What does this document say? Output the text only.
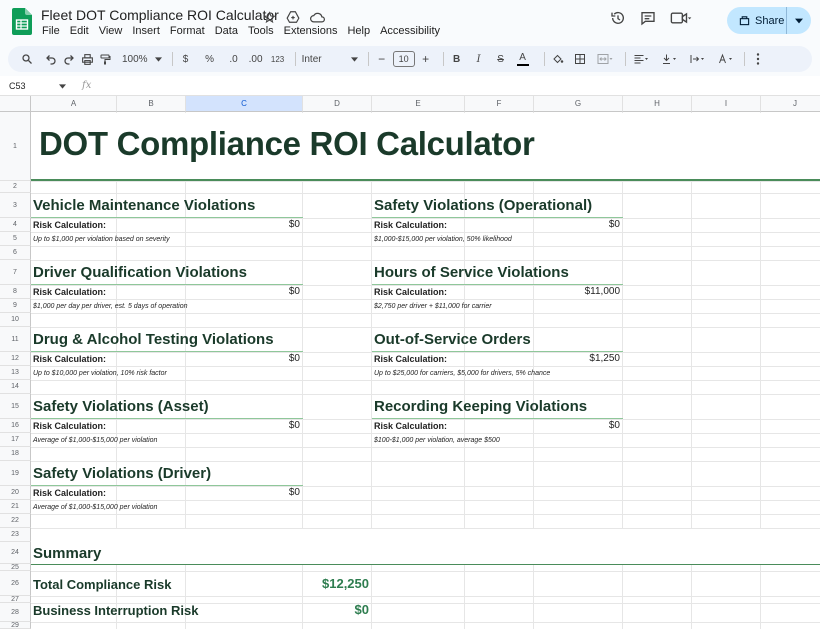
Fleet DOT Compliance ROI Calculator
File Edit View Insert Format Data Tools Extensions Help Accessibility
Share
100%	$	% .0 .00 123 Inter	−	10	+	B	I	S	A
C53	fx
A	B	C	D	E	F	G	H	I	J
1
2
3
4
5
6
7
8
9
10
11
12
13
14
15
16
17
18
19
20
21
22
23
24
25
26
27
28
29
DOT Compliance ROI Calculator
Vehicle Maintenance Violations
Risk Calculation:	$0
Up to $1,000 per violation based on severity
Driver Qualification Violations
Risk Calculation:	$0
$1,000 per day per driver, est. 5 days of operation
Drug & Alcohol Testing Violations
Risk Calculation:	$0
Up to $10,000 per violation, 10% risk factor
Safety Violations (Asset)
Risk Calculation:	$0
Average of $1,000-$15,000 per violation
Safety Violations (Driver)
Risk Calculation:	$0
Average of $1,000-$15,000 per violation
Safety Violations (Operational)
Risk Calculation:	$0
$1,000-$15,000 per violation, 50% likelihood
Hours of Service Violations
Risk Calculation:	$11,000
$2,750 per driver + $11,000 for carrier
Out-of-Service Orders
Risk Calculation:	$1,250
Up to $25,000 for carriers, $5,000 for drivers, 5% chance
Recording Keeping Violations
Risk Calculation:	$0
$100-$1,000 per violation, average $500
Summary
Total Compliance Risk	$12,250
Business Interruption Risk	$0
